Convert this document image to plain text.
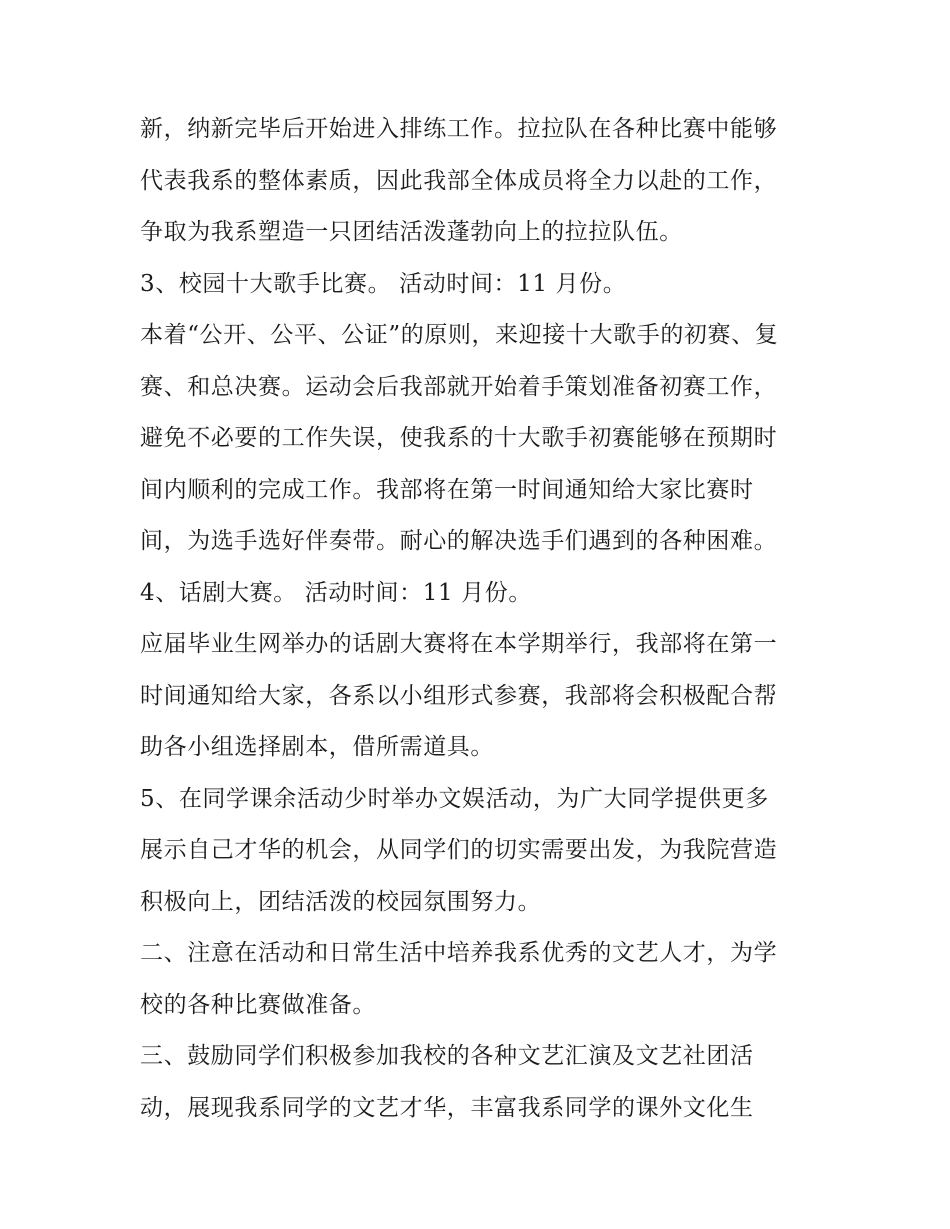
新，纳新完毕后开始进入排练工作。拉拉队在各种比赛中能够
代表我系的整体素质，因此我部全体成员将全力以赴的工作，
争取为我系塑造一只团结活泼蓬勃向上的拉拉队伍。
3、校园十大歌手比赛。 活动时间：11 月份。
本着“公开、公平、公证”的原则，来迎接十大歌手的初赛、复
赛、和总决赛。运动会后我部就开始着手策划准备初赛工作，
避免不必要的工作失误，使我系的十大歌手初赛能够在预期时
间内顺利的完成工作。我部将在第一时间通知给大家比赛时
间，为选手选好伴奏带。耐心的解决选手们遇到的各种困难。
4、话剧大赛。 活动时间：11 月份。
应届毕业生网举办的话剧大赛将在本学期举行，我部将在第一
时间通知给大家，各系以小组形式参赛，我部将会积极配合帮
助各小组选择剧本，借所需道具。
5、在同学课余活动少时举办文娱活动，为广大同学提供更多
展示自己才华的机会，从同学们的切实需要出发，为我院营造
积极向上，团结活泼的校园氛围努力。
二、注意在活动和日常生活中培养我系优秀的文艺人才，为学
校的各种比赛做准备。
三、鼓励同学们积极参加我校的各种文艺汇演及文艺社团活
动，展现我系同学的文艺才华，丰富我系同学的课外文化生
